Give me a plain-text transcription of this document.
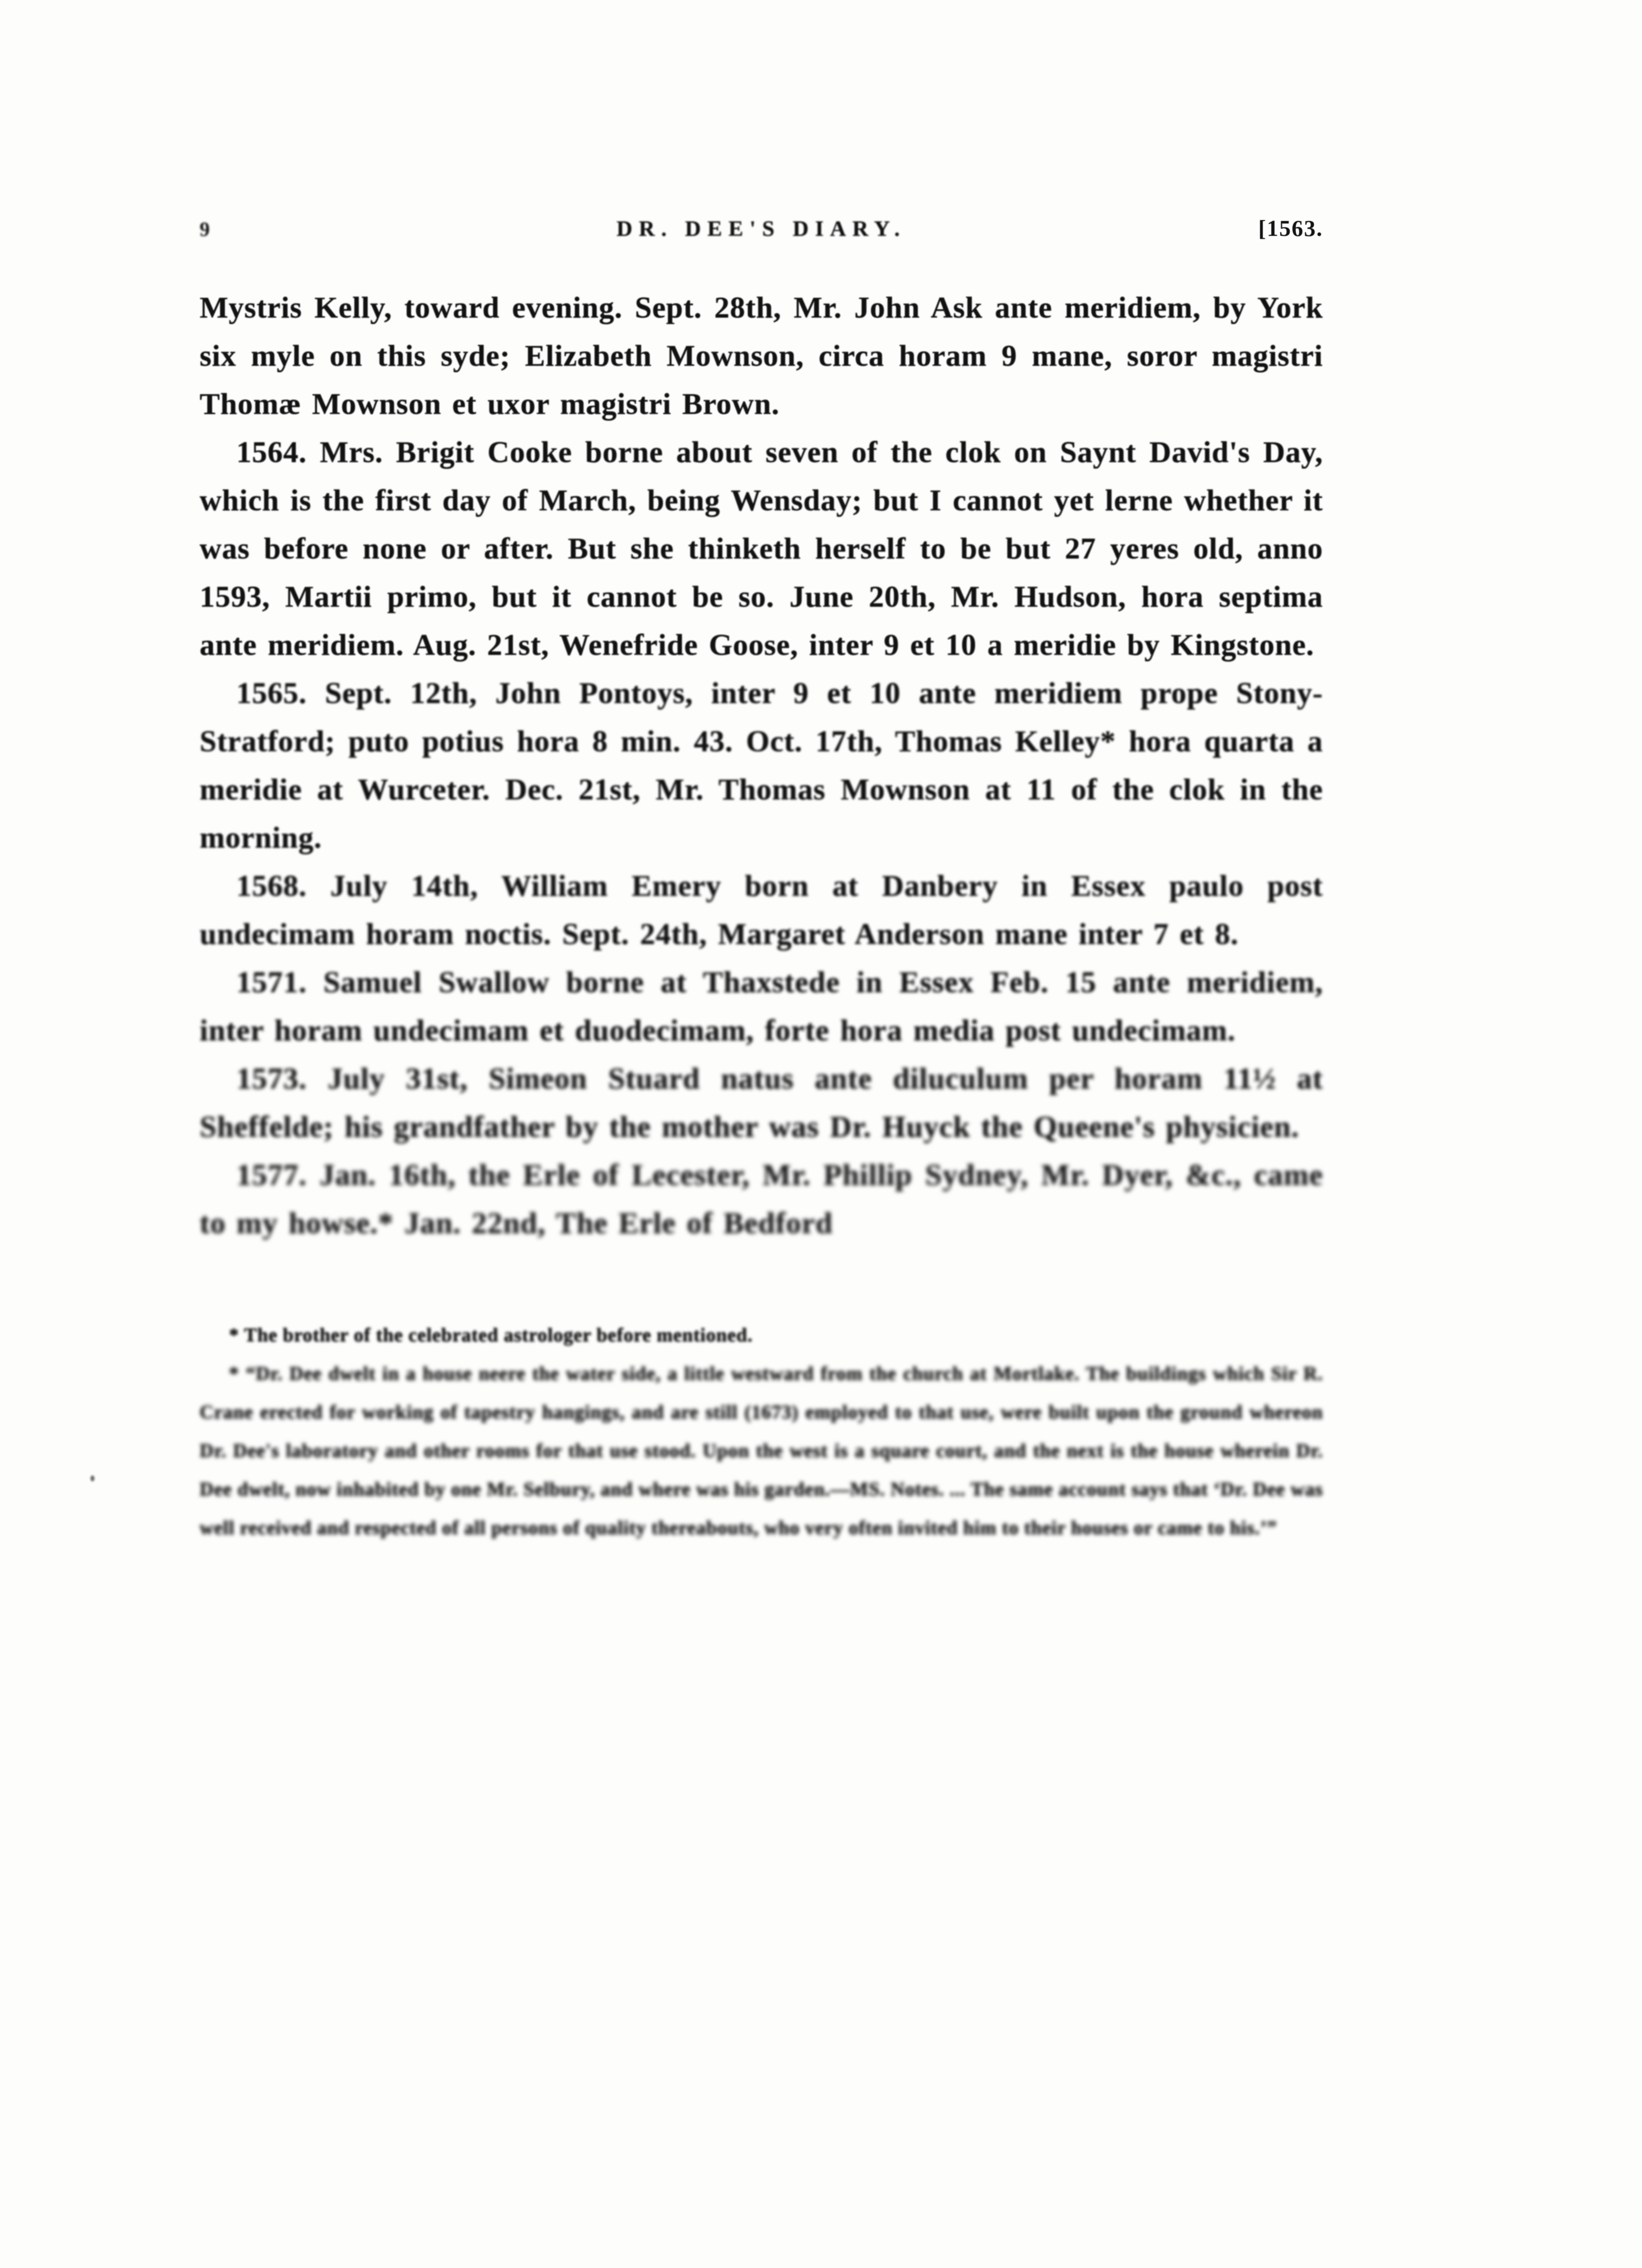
9	DR. DEE'S DIARY.	[1563.

Mystris Kelly, toward evening. Sept. 28th, Mr. John Ask ante meridiem, by York six myle on this syde; Elizabeth Mownson, circa horam 9 mane, soror magistri Thomæ Mownson et uxor magistri Brown.

1564. Mrs. Brigit Cooke borne about seven of the clok on Saynt David's Day, which is the first day of March, being Wensday; but I cannot yet lerne whether it was before none or after. But she thinketh herself to be but 27 yeres old, anno 1593, Martii primo, but it cannot be so. June 20th, Mr. Hudson, hora septima ante meridiem. Aug. 21st, Wenefride Goose, inter 9 et 10 a meridie by Kingstone.

1565. Sept. 12th, John Pontoys, inter 9 et 10 ante meridiem prope Stony-Stratford; puto potius hora 8 min. 43. Oct. 17th, Thomas Kelley* hora quarta a meridie at Wurceter. Dec. 21st, Mr. Thomas Mownson at 11 of the clok in the morning.

1568. July 14th, William Emery born at Danbery in Essex paulo post undecimam horam noctis. Sept. 24th, Margaret Anderson mane inter 7 et 8.

1571. Samuel Swallow borne at Thaxstede in Essex Feb. 15 ante meridiem, inter horam undecimam et duodecimam, forte hora media post undecimam.

1573. July 31st, Simeon Stuard natus ante diluculum per horam 11½ at Sheffelde; his grandfather by the mother was Dr. Huyck the Queene's physicien.

1577. Jan. 16th, the Erle of Lecester, Mr. Phillip Sydney, Mr. Dyer, &c., came to my howse.* Jan. 22nd, The Erle of Bedford

* The brother of the celebrated astrologer before mentioned.

* “Dr. Dee dwelt in a house neere the water side, a little westward from the church at Mortlake. The buildings which Sir R. Crane erected for working of tapestry hangings, and are still (1673) employed to that use, were built upon the ground whereon Dr. Dee's laboratory and other rooms for that use stood. Upon the west is a square court, and the next is the house wherein Dr. Dee dwelt, now inhabited by one Mr. Selbury, and where was his garden.—MS. Notes. ... The same account says that ‘Dr. Dee was well received and respected of all persons of quality thereabouts, who very often invited him to their houses or came to his.’”
